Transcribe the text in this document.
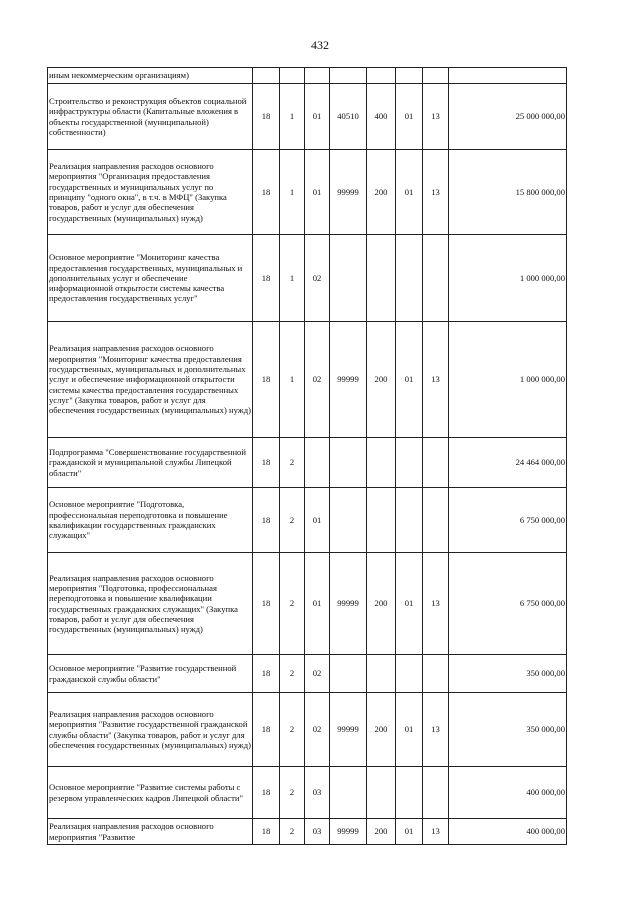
432
иным некоммерческим организациям)								
Строительство и реконструкция объектов социальной инфраструктуры области (Капитальные вложения в объекты государственной (муниципальной) собственности)	18	1	01	40510	400	01	13	25 000 000,00
Реализация направления расходов основного мероприятия "Организация предоставления государственных и муниципальных услуг по принципу "одного окна", в т.ч. в МФЦ" (Закупка товаров, работ и услуг для обеспечения государственных (муниципальных) нужд)	18	1	01	99999	200	01	13	15 800 000,00
Основное мероприятие "Мониторинг качества предоставления государственных, муниципальных и дополнительных услуг и обеспечение информационной открытости системы качества предоставления государственных услуг"	18	1	02					1 000 000,00
Реализация направления расходов основного мероприятия "Мониторинг качества предоставления государственных, муниципальных и дополнительных услуг и обеспечение информационной открытости системы качества предоставления государственных услуг" (Закупка товаров, работ и услуг для обеспечения государственных (муниципальных) нужд)	18	1	02	99999	200	01	13	1 000 000,00
Подпрограмма "Совершенствование государственной гражданской и муниципальной службы Липецкой области"	18	2						24 464 000,00
Основное мероприятие "Подготовка, профессиональная переподготовка и повышение квалификации государственных гражданских служащих"	18	2	01					6 750 000,00
Реализация направления расходов основного мероприятия "Подготовка, профессиональная переподготовка и повышение квалификации государственных гражданских служащих" (Закупка товаров, работ и услуг для обеспечения государственных (муниципальных) нужд)	18	2	01	99999	200	01	13	6 750 000,00
Основное мероприятие "Развитие государственной гражданской службы области"	18	2	02					350 000,00
Реализация направления расходов основного мероприятия "Развитие государственной гражданской службы области" (Закупка товаров, работ и услуг для обеспечения государственных (муниципальных) нужд)	18	2	02	99999	200	01	13	350 000,00
Основное мероприятие "Развитие системы работы с резервом управленческих кадров Липецкой области"	18	2	03					400 000,00
Реализация направления расходов основного мероприятия "Развитие	18	2	03	99999	200	01	13	400 000,00
